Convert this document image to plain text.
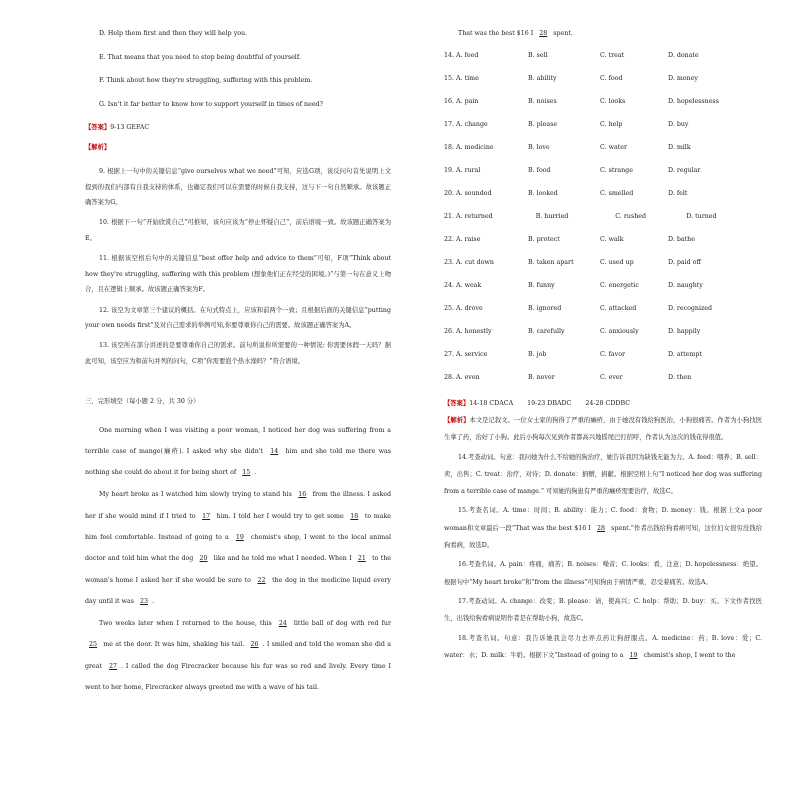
D. Help them first and then they will help you.

E. That means that you need to stop being doubtful of yourself.

F. Think about how they're struggling, suffering with this problem.

G. Isn't it far better to know how to support yourself in times of need?

【答案】9-13 GEFAC

【解析】

9. 根据上一句中的关键信息“give ourselves what we need”可知，应选G项，该反问句首先说明上文提到的我们内部有自我支持的体系，也确定我们可以在需要的时候自我支持，这与下一句自然顺承。故该题正确答案为G。

10. 根据下一句“开始欣赏自己”可推知，该句应该为“停止怀疑自己”，前后语境一致。故该题正确答案为E。

11. 根据该空格后句中的关键信息“best offer help and advice to them”可知，F项“Think about how they're struggling, suffering with this problem (想象他们正在经受的困境。)”与第一句在意义上吻合，且在逻辑上顺承。故该题正确答案为F。

12. 该空为文章第三个建议的概括。在句式特点上，应该和前两个一致；且根据后面的关键信息“putting your own needs first”及对自己需求的举例可知,你要尊重你自己的需要。故该题正确答案为A。

13. 该空所在部分讲述的是要尊重你自己的需求。前句所说你所需要的一种情况: 你需要休假一天吗？据此可知，该空应为和前句并列的问句，C项“你需要泡个热水澡吗？”符合语境。

三、完形填空（每小题 2 分，共 30 分）

One morning when I was visiting a poor woman, I noticed her dog was suffering from a terrible case of mange(癞疥). I asked why she didn't 14 him and she told me there was nothing she could do about it for being short of 15 .

My heart broke as I watched him slowly trying to stand his 16 from the illness. I asked her if she would mind if I tried to 17 him. I told her I would try to get some 18 to make him feel comfortable. Instead of going to a 19 chemist's shop, I went to the local animal doctor and told him what the dog 20 like and he told me what I needed. When I 21 to the woman's home I asked her if she would be sure to 22 the dog in the medicine liquid every day until it was 23 .

Two weeks later when I returned to the house, this 24 little ball of dog with red fur 25 me at the door. It was him, shaking his tail. 26 . I smiled and told the woman she did a great 27 . I called the dog Firecracker because his fur was so red and lively. Every time I went to her home, Firecracker always greeted me with a wave of his tail.

That was the best $16 I 28 spent.

14. A. feed	B. sell	C. treat	D. donate
15. A. time	B. ability	C. food	D. money
16. A. pain	B. noises	C. looks	D. hopelessness
17. A. change	B. please	C. help	D. buy
18. A. medicine	B. love	C. water	D. milk
19. A. rural	B. food	C. strange	D. regular
20. A. sounded	B. looked	C. smelled	D. felt
21. A. returned	B. hurried	C. rushed	D. turned
22. A. raise	B. protect	C. walk	D. bathe
23. A. cut down	B. taken apart	C. used up	D. paid off
24. A. weak	B. funny	C. energetic	D. naughty
25. A. drove	B. ignored	C. attacked	D. recognized
26. A. honestly	B. carefully	C. anxiously	D. happily
27. A. service	B. job	C. favor	D. attempt
28. A. even	B. never	C. ever	D. then

【答案】14-18 CDACA 19-23 DBADC 24-28 CDDBC

【解析】本文是记叙文。一位女士家的狗得了严重的癞疥，由于她没有钱给狗医治，小狗很痛苦。作者为小狗找医生拿了药，治好了小狗。此后小狗每次见到作者都高兴地摇尾巴打招呼，作者认为这次的钱花得很值。

14.考查动词。句意：我问她为什么不给她的狗治疗，她告诉我因为缺钱无能为力。A. feed：喂养；B. sell：卖，出售；C. treat：治疗，对待；D. donate：捐赠，捐献。根据空格上句“I noticed her dog was suffering from a terrible case of mange.” 可知她的狗患有严重的癞疥需要治疗，故选C。

15.考查名词。A. time：时间；B. ability：能力；C. food：食物；D. money：钱。根据上文a poor woman和文章最后一段“That was the best $16 I 28 spent.”作者出钱给狗看病可知，这位妇女很穷没钱给狗看病，故选D。

16.考查名词。A. pain：疼痛，痛苦；B. noises：噪音；C. looks：看，注意；D. hopelessness：绝望。根据句中“My heart broke”和“from the illness”可知狗由于病情严重，忍受着痛苦。故选A。

17.考查动词。A. change：改变；B. please：请，使高兴；C. help：帮助；D. buy：买。下文作者找医生，出钱给狗看病说明作者是在帮助小狗，故选C。

18.考查名词。句意：我告诉她我会尽力去弄点药让狗舒服点。A. medicine：药；B. love：爱；C. water：水；D. milk：牛奶。根据下文“Instead of going to a 19 chemist's shop, I went to the
